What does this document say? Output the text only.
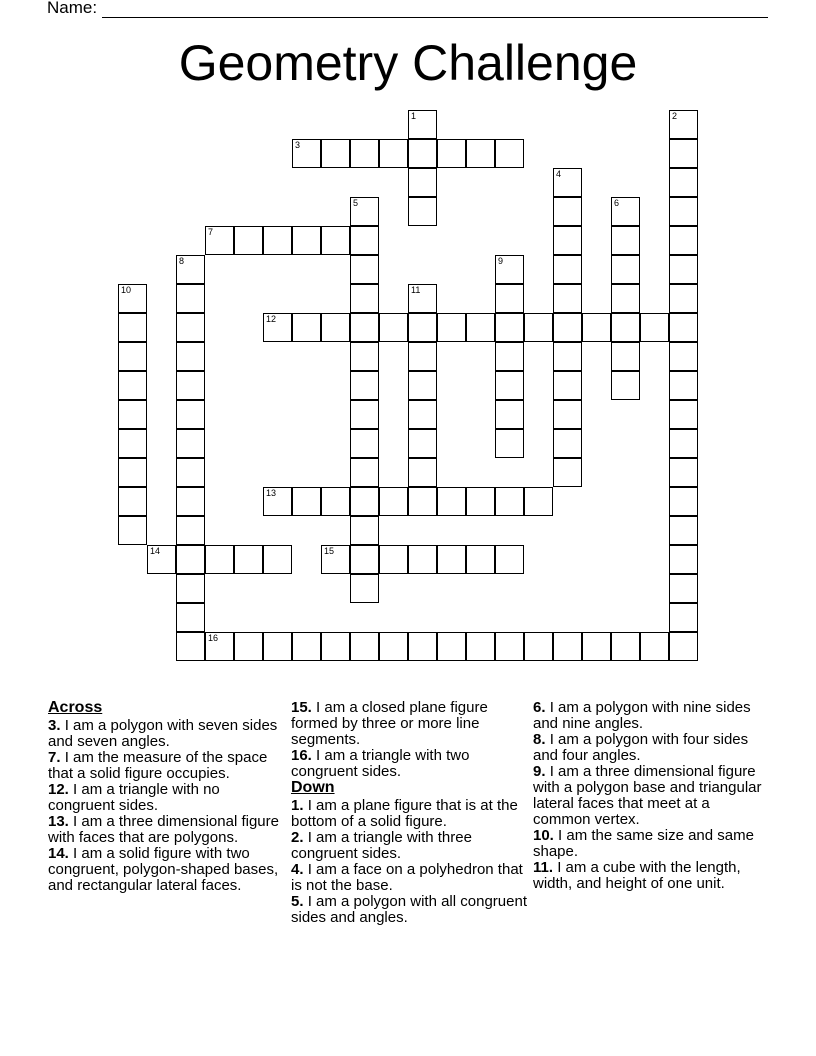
Name:
Geometry Challenge
3
7
12
13
14	15
16
1	2
4
5	6
8	9
10	11
Across
3. I am a polygon with seven sides and seven angles.
7. I am the measure of the space that a solid figure occupies.
12. I am a triangle with no congruent sides.
13. I am a three dimensional figure with faces that are polygons.
14. I am a solid figure with two congruent, polygon-shaped bases, and rectangular lateral faces.
15. I am a closed plane figure formed by three or more line segments.
16. I am a triangle with two congruent sides.
Down
1. I am a plane figure that is at the bottom of a solid figure.
2. I am a triangle with three congruent sides.
4. I am a face on a polyhedron that is not the base.
5. I am a polygon with all congruent sides and angles.
6. I am a polygon with nine sides and nine angles.
8. I am a polygon with four sides and four angles.
9. I am a three dimensional figure with a polygon base and triangular lateral faces that meet at a common vertex.
10. I am the same size and same shape.
11. I am a cube with the length, width, and height of one unit.
